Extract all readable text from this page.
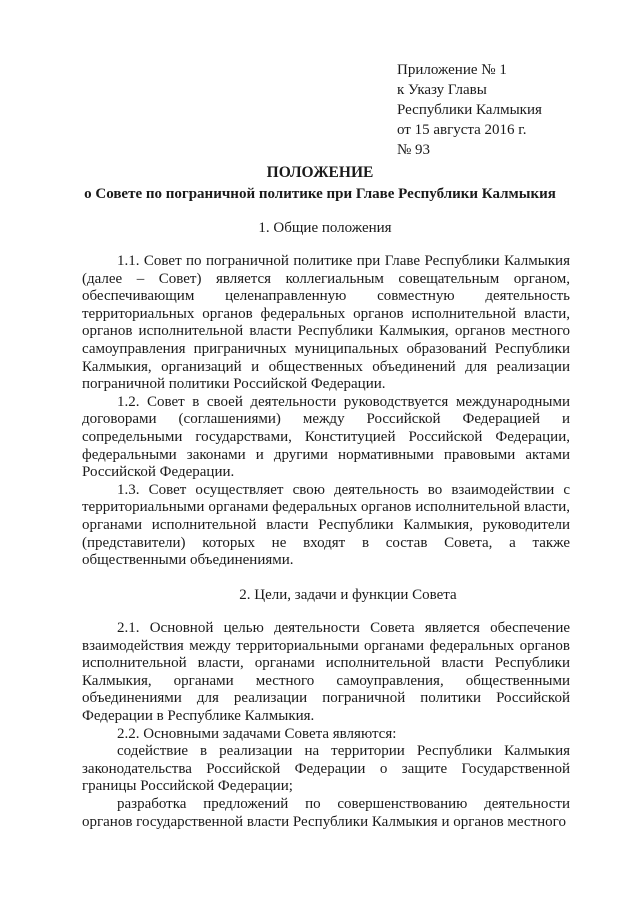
Приложение № 1
к Указу Главы
Республики Калмыкия
от 15 августа 2016 г.
№ 93
ПОЛОЖЕНИЕ
о Совете по пограничной политике при Главе Республики Калмыкия
1. Общие положения

1.1. Совет по пограничной политике при Главе Республики Калмыкия (далее – Совет) является коллегиальным совещательным органом, обеспечивающим целенаправленную совместную деятельность территориальных органов федеральных органов исполнительной власти, органов исполнительной власти Республики Калмыкия, органов местного самоуправления приграничных муниципальных образований Республики Калмыкия, организаций и общественных объединений для реализации пограничной политики Российской Федерации.

1.2. Совет в своей деятельности руководствуется международными договорами (соглашениями) между Российской Федерацией и сопредельными государствами, Конституцией Российской Федерации, федеральными законами и другими нормативными правовыми актами Российской Федерации.

1.3. Совет осуществляет свою деятельность во взаимодействии с территориальными органами федеральных органов исполнительной власти, органами исполнительной власти Республики Калмыкия, руководители (представители) которых не входят в состав Совета, а также общественными объединениями.

2. Цели, задачи и функции Совета

2.1. Основной целью деятельности Совета является обеспечение взаимодействия между территориальными органами федеральных органов исполнительной власти, органами исполнительной власти Республики Калмыкия, органами местного самоуправления, общественными объединениями для реализации пограничной политики Российской Федерации в Республике Калмыкия.

2.2. Основными задачами Совета являются:

содействие в реализации на территории Республики Калмыкия законодательства Российской Федерации о защите Государственной границы Российской Федерации;

разработка предложений по совершенствованию деятельности органов государственной власти Республики Калмыкия и органов местного
